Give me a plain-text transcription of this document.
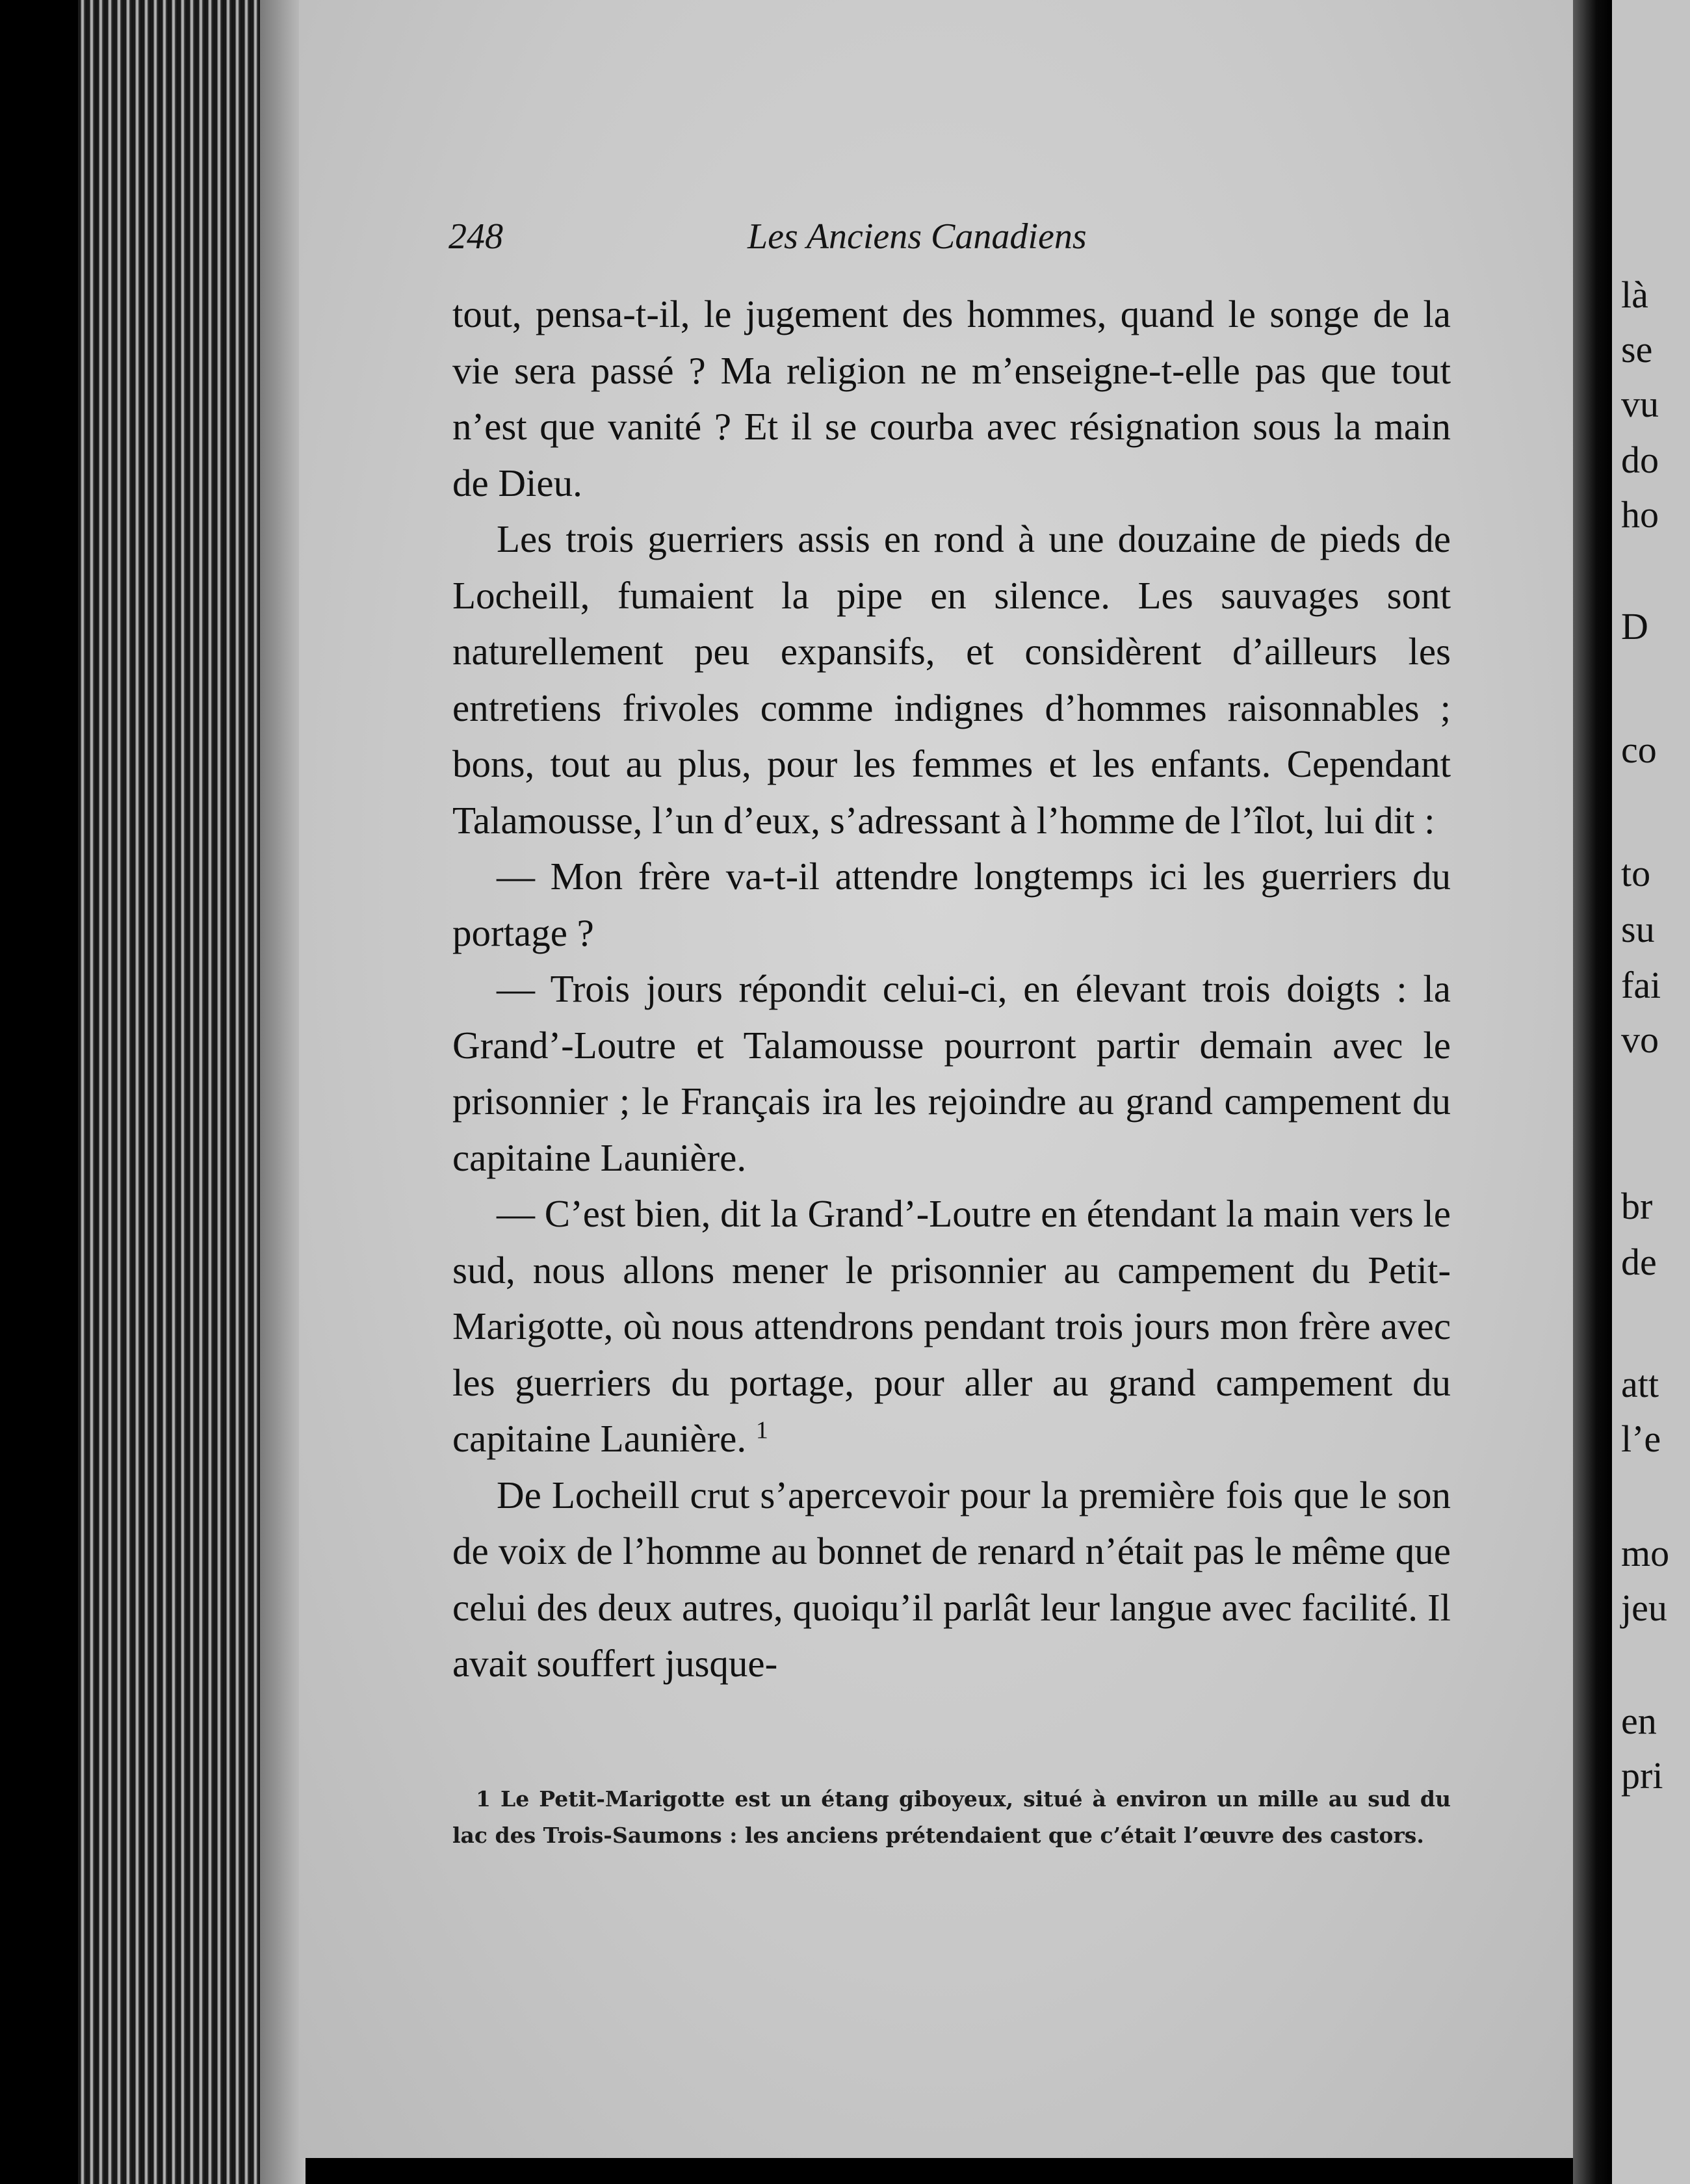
248	Les Anciens Canadiens

tout, pensa-t-il, le jugement des hommes, quand le songe de la vie sera passé ? Ma religion ne m’enseigne-t-elle pas que tout n’est que vanité ? Et il se courba avec résignation sous la main de Dieu.

Les trois guerriers assis en rond à une douzaine de pieds de Locheill, fumaient la pipe en silence. Les sauvages sont naturellement peu expansifs, et considèrent d’ailleurs les entretiens frivoles comme indignes d’hommes raisonnables ; bons, tout au plus, pour les femmes et les enfants. Cependant Talamousse, l’un d’eux, s’adressant à l’homme de l’îlot, lui dit :

— Mon frère va-t-il attendre longtemps ici les guerriers du portage ?

— Trois jours répondit celui-ci, en élevant trois doigts : la Grand’-Loutre et Talamousse pourront partir demain avec le prisonnier ; le Français ira les rejoindre au grand campement du capitaine Launière.

— C’est bien, dit la Grand’-Loutre en étendant la main vers le sud, nous allons mener le prisonnier au campement du Petit-Marigotte, où nous attendrons pendant trois jours mon frère avec les guerriers du portage, pour aller au grand campement du capitaine Launière. $^1$

De Locheill crut s’apercevoir pour la première fois que le son de voix de l’homme au bonnet de renard n’était pas le même que celui des deux autres, quoiqu’il parlât leur langue avec facilité. Il avait souffert jusque-

1 Le Petit-Marigotte est un étang giboyeux, situé à environ un mille au sud du lac des Trois-Saumons : les anciens prétendaient que c’était l’œuvre des castors.
là
se
vu
do
ho
D
co
to
su
fai
vo
br
de
att
l’e
mo
jeu
en
pri
